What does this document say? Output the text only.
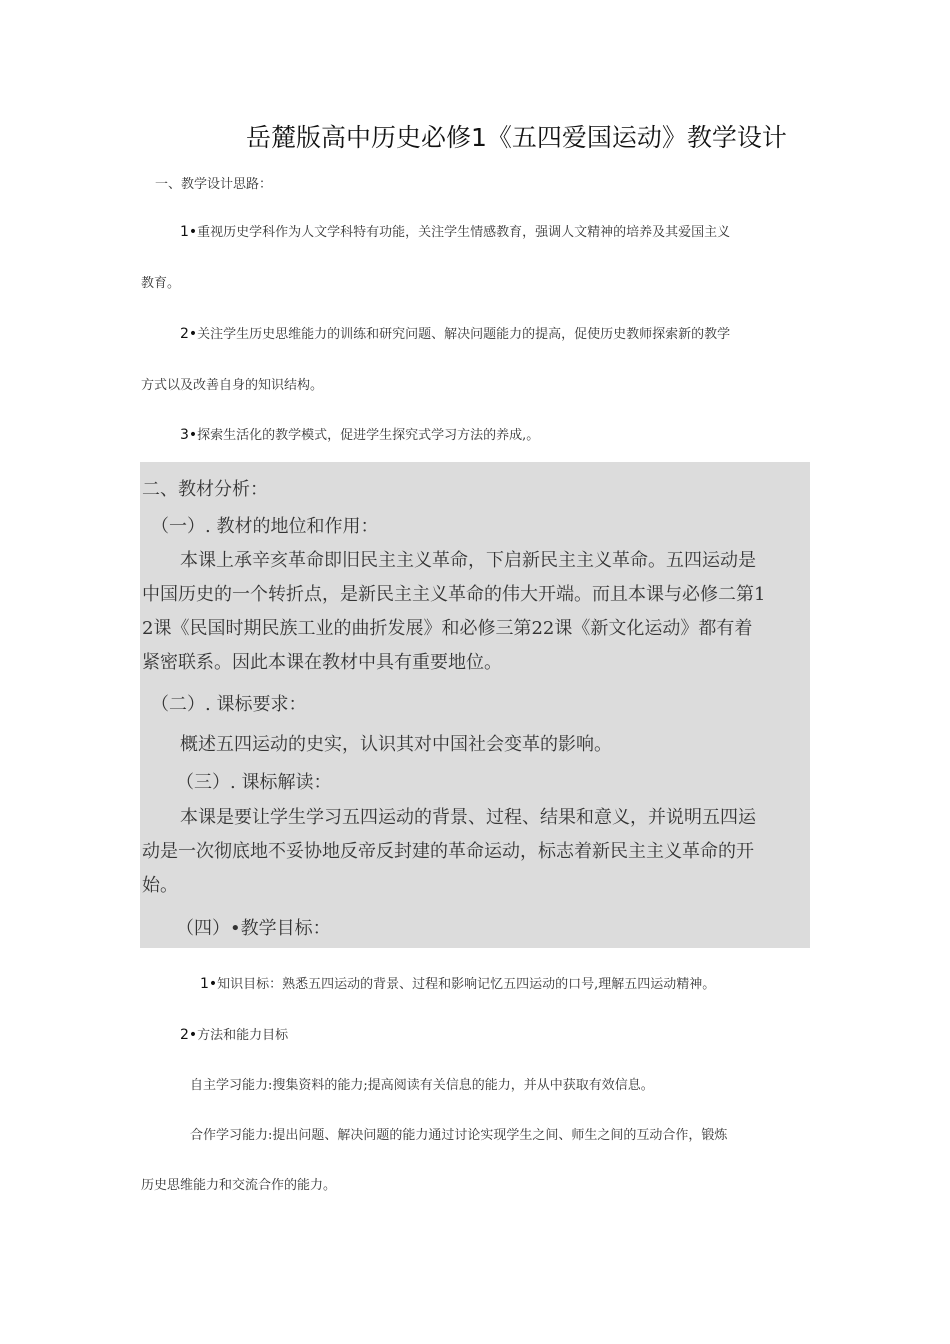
岳麓版高中历史必修1《五四爱国运动》教学设计
一、教学设计思路：
1•重视历史学科作为人文学科特有功能，关注学生情感教育，强调人文精神的培养及其爱国主义
教育。
2•关注学生历史思维能力的训练和研究问题、解决问题能力的提高，促使历史教师探索新的教学
方式以及改善自身的知识结构。
3•探索生活化的教学模式，促进学生探究式学习方法的养成,。
二、教材分析：
（一）. 教材的地位和作用：
本课上承辛亥革命即旧民主主义革命，下启新民主主义革命。五四运动是
中国历史的一个转折点，是新民主主义革命的伟大开端。而且本课与必修二第1
2课《民国时期民族工业的曲折发展》和必修三第22课《新文化运动》都有着
紧密联系。因此本课在教材中具有重要地位。
（二）. 课标要求：
概述五四运动的史实，认识其对中国社会变革的影响。
（三）. 课标解读：
本课是要让学生学习五四运动的背景、过程、结果和意义，并说明五四运
动是一次彻底地不妥协地反帝反封建的革命运动，标志着新民主主义革命的开
始。
（四）•教学目标：
1•知识目标：熟悉五四运动的背景、过程和影响记忆五四运动的口号,理解五四运动精神。
2•方法和能力目标
自主学习能力:搜集资料的能力;提高阅读有关信息的能力，并从中获取有效信息。
合作学习能力:提出问题、解决问题的能力通过讨论实现学生之间、师生之间的互动合作，锻炼
历史思维能力和交流合作的能力。
